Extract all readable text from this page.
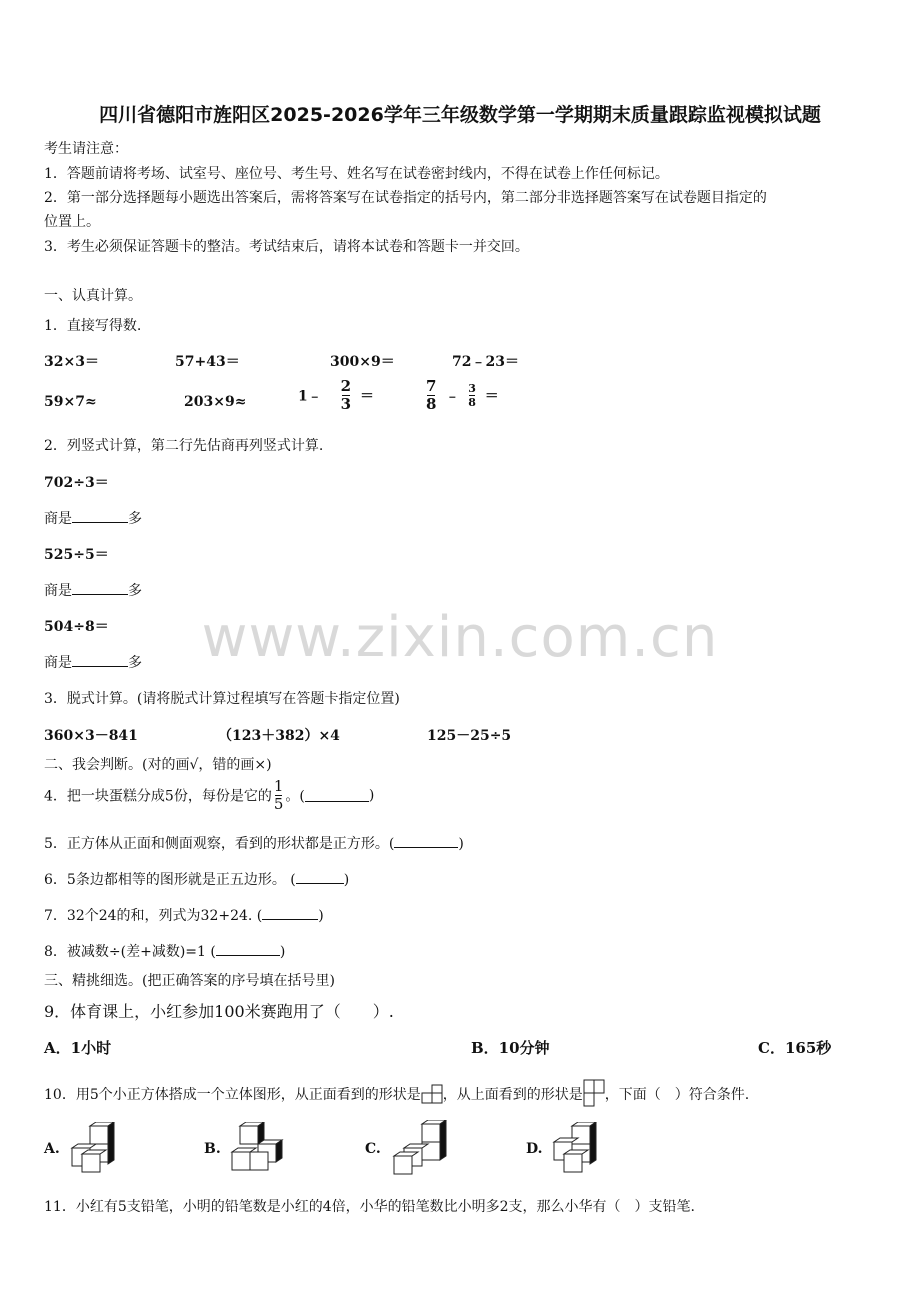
四川省德阳市旌阳区2025-2026学年三年级数学第一学期期末质量跟踪监视模拟试题
考生请注意：
1．答题前请将考场、试室号、座位号、考生号、姓名写在试卷密封线内，不得在试卷上作任何标记。
2．第一部分选择题每小题选出答案后，需将答案写在试卷指定的括号内，第二部分非选择题答案写在试卷题目指定的
位置上。
3．考生必须保证答题卡的整洁。考试结束后，请将本试卷和答题卡一并交回。
一、认真计算。
1．直接写得数.
32×3＝	57+43＝	300×9＝	72﹣23＝
59×7≈	203×9≈	1﹣ $\frac{2}{3}$ ＝	$\frac{7}{8}$ ﹣ $\frac{3}{8}$ ＝
2．列竖式计算，第二行先估商再列竖式计算.
702÷3＝
商是	多
525÷5＝
商是	多
504÷8＝
商是	多
3．脱式计算。(请将脱式计算过程填写在答题卡指定位置)
360×3－841	（123＋382）×4	125－25÷5
二、我会判断。(对的画√，错的画×)
4．把一块蛋糕分成5份，每份是它的 $\frac{1}{5}$ 。(	)
5．正方体从正面和侧面观察，看到的形状都是正方形。(	)
6．5条边都相等的图形就是正五边形。 (	)
7．32个24的和，列式为32+24. (	)
8．被减数÷(差+减数)=1 (	)
三、精挑细选。(把正确答案的序号填在括号里)
9．体育课上，小红参加100米赛跑用了（　　）.
A．1小时	B．10分钟	C．165秒
10．用5个小正方体搭成一个立体图形，从正面看到的形状是 ，从上面看到的形状是 ，下面（　）符合条件.
A.	B.	C.	D.
11．小红有5支铅笔，小明的铅笔数是小红的4倍，小华的铅笔数比小明多2支，那么小华有（　）支铅笔.
www.zixin.com.cn
